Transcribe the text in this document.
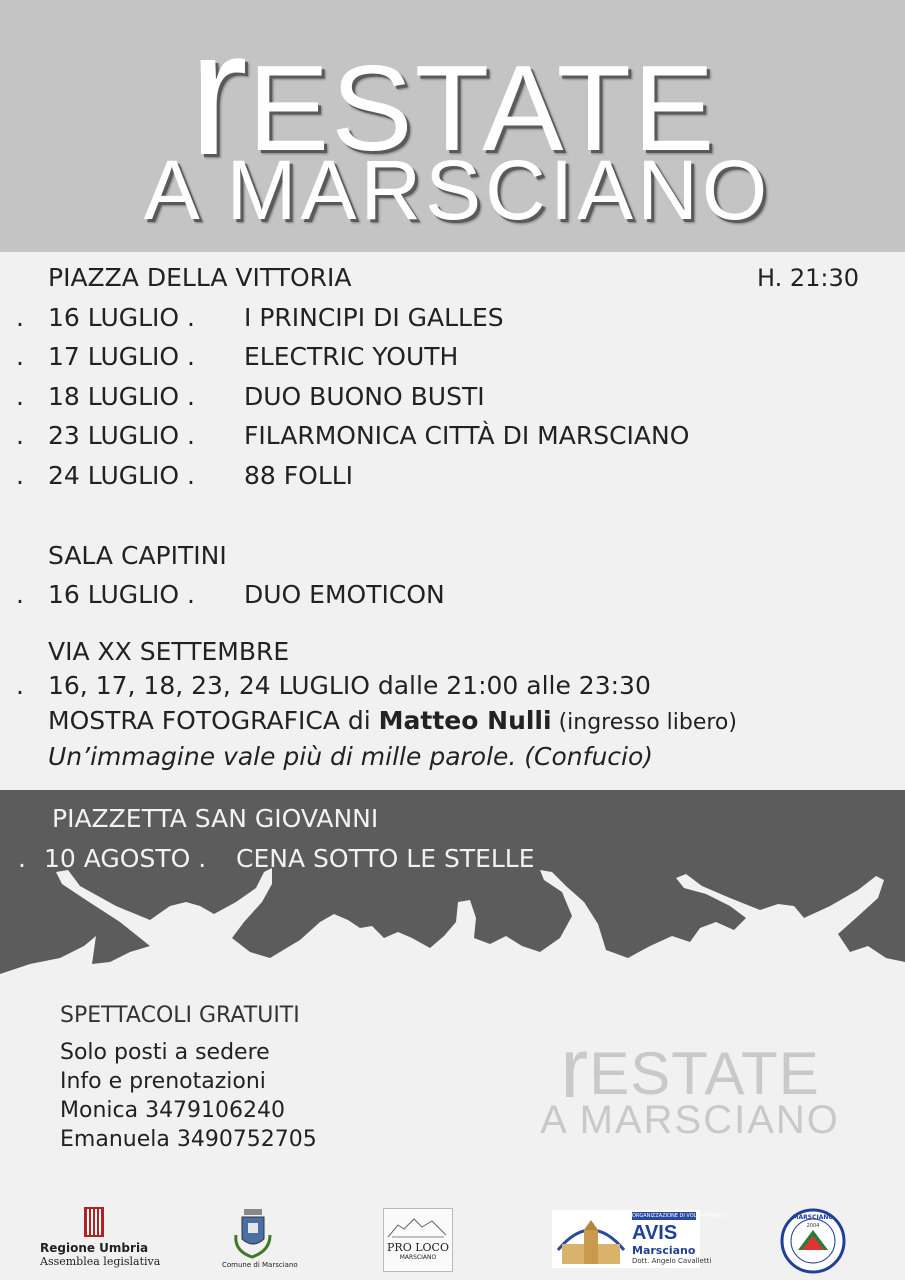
rESTATE
A MARSCIANO
H. 21:30
PIAZZA DELLA VITTORIA
. 16 LUGLIO . I PRINCIPI DI GALLES
. 17 LUGLIO . ELECTRIC YOUTH
. 18 LUGLIO . DUO BUONO BUSTI
. 23 LUGLIO . FILARMONICA CITTÀ DI MARSCIANO
. 24 LUGLIO . 88 FOLLI
SALA CAPITINI
. 16 LUGLIO . DUO EMOTICON
VIA XX SETTEMBRE
. 16, 17, 18, 23, 24 LUGLIO dalle 21:00 alle 23:30
MOSTRA FOTOGRAFICA di Matteo Nulli (ingresso libero)
Un’immagine vale più di mille parole. (Confucio)
PIAZZETTA SAN GIOVANNI
. 10 AGOSTO . CENA SOTTO LE STELLE
SPETTACOLI GRATUITI
Solo posti a sedere
Info e prenotazioni
Monica 3479106240
Emanuela 3490752705
rESTATE
A MARSCIANO
Regione Umbria
Assemblea legislativa	Comune di Marsciano
PRO LOCO
MARSCIANO
ORGANIZZAZIONE DI VOLONTARIATO
AVIS
Marsciano
Dott. Angelo Cavalletti
MARSCIANO
2004
